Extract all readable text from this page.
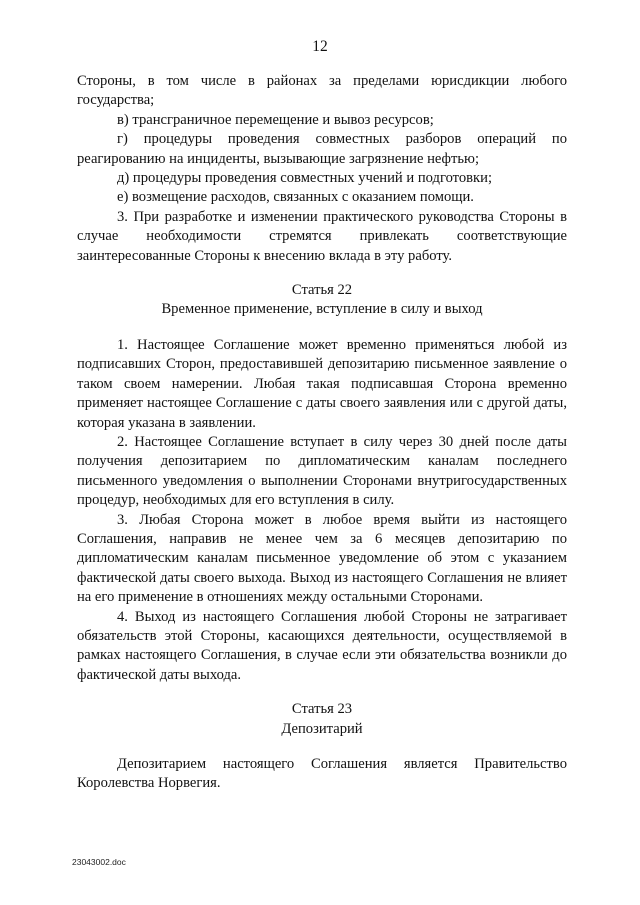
12

Стороны, в том числе в районах за пределами юрисдикции любого государства;

в) трансграничное перемещение и вывоз ресурсов;

г) процедуры проведения совместных разборов операций по реагированию на инциденты, вызывающие загрязнение нефтью;

д) процедуры проведения совместных учений и подготовки;

е) возмещение расходов, связанных с оказанием помощи.

3. При разработке и изменении практического руководства Стороны в случае необходимости стремятся привлекать соответствующие заинтересованные Стороны к внесению вклада в эту работу.

Статья 22

Временное применение, вступление в силу и выход

1. Настоящее Соглашение может временно применяться любой из подписавших Сторон, предоставившей депозитарию письменное заявление о таком своем намерении. Любая такая подписавшая Сторона временно применяет настоящее Соглашение с даты своего заявления или с другой даты, которая указана в заявлении.

2. Настоящее Соглашение вступает в силу через 30 дней после даты получения депозитарием по дипломатическим каналам последнего письменного уведомления о выполнении Сторонами внутригосударственных процедур, необходимых для его вступления в силу.

3. Любая Сторона может в любое время выйти из настоящего Соглашения, направив не менее чем за 6 месяцев депозитарию по дипломатическим каналам письменное уведомление об этом с указанием фактической даты своего выхода. Выход из настоящего Соглашения не влияет на его применение в отношениях между остальными Сторонами.

4. Выход из настоящего Соглашения любой Стороны не затрагивает обязательств этой Стороны, касающихся деятельности, осуществляемой в рамках настоящего Соглашения, в случае если эти обязательства возникли до фактической даты выхода.

Статья 23

Депозитарий

Депозитарием настоящего Соглашения является Правительство Королевства Норвегия.

23043002.doc
